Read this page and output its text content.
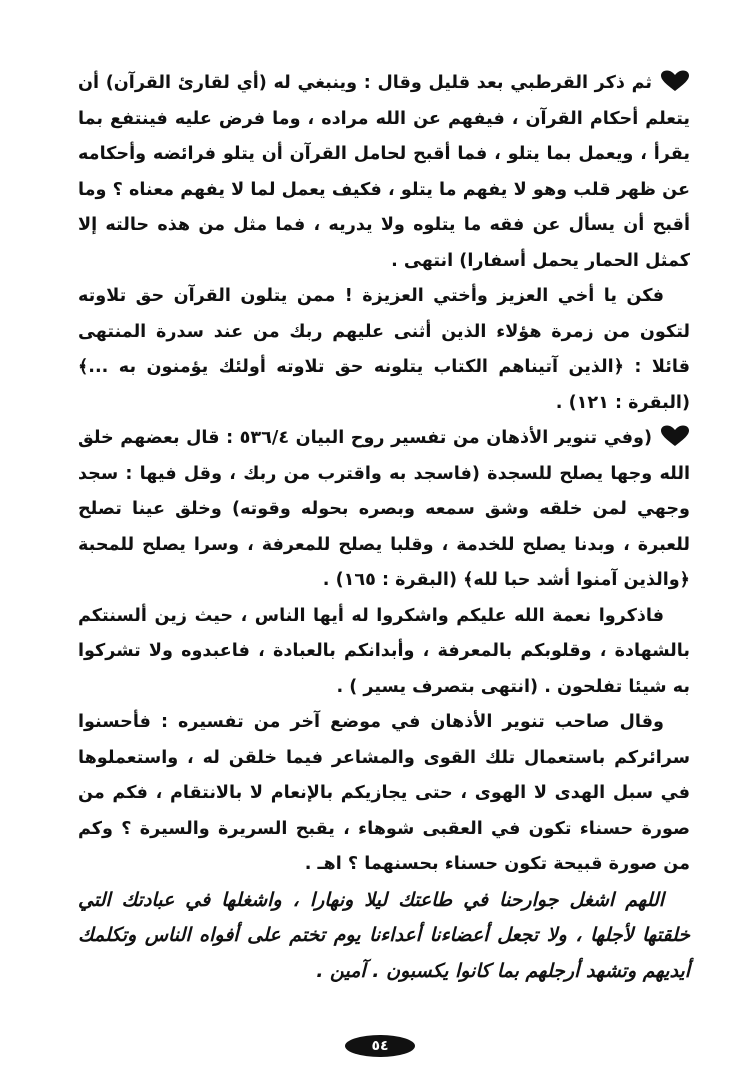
ثم ذكر القرطبي بعد قليل وقال : وينبغي له (أي لقارئ القرآن) أن يتعلم أحكام القرآن ، فيفهم عن الله مراده ، وما فرض عليه فينتفع بما يقرأ ، ويعمل بما يتلو ، فما أقبح لحامل القرآن أن يتلو فرائضه وأحكامه عن ظهر قلب وهو لا يفهم ما يتلو ، فكيف يعمل لما لا يفهم معناه ؟ وما أقبح أن يسأل عن فقه ما يتلوه ولا يدريه ، فما مثل من هذه حالته إلا كمثل الحمار يحمل أسفارا) انتهى .

فكن يا أخي العزيز وأختي العزيزة ! ممن يتلون القرآن حق تلاوته لتكون من زمرة هؤلاء الذين أثنى عليهم ربك من عند سدرة المنتهى قائلا : ﴿الذين آتيناهم الكتاب يتلونه حق تلاوته أولئك يؤمنون به ...﴾ (البقرة : ١٢١) .

(وفي تنوير الأذهان من تفسير روح البيان ٥٣٦/٤ : قال بعضهم خلق الله وجها يصلح للسجدة (فاسجد به واقترب من ربك ، وقل فيها : سجد وجهي لمن خلقه وشق سمعه وبصره بحوله وقوته) وخلق عينا تصلح للعبرة ، وبدنا يصلح للخدمة ، وقلبا يصلح للمعرفة ، وسرا يصلح للمحبة ﴿والذين آمنوا أشد حبا لله﴾ (البقرة : ١٦٥) .

فاذكروا نعمة الله عليكم واشكروا له أيها الناس ، حيث زين ألسنتكم بالشهادة ، وقلوبكم بالمعرفة ، وأبدانكم بالعبادة ، فاعبدوه ولا تشركوا به شيئا تفلحون . (انتهى بتصرف يسير ) .

وقال صاحب تنوير الأذهان في موضع آخر من تفسيره : فأحسنوا سرائركم باستعمال تلك القوى والمشاعر فيما خلقن له ، واستعملوها في سبل الهدى لا الهوى ، حتى يجازيكم بالإنعام لا بالانتقام ، فكم من صورة حسناء تكون في العقبى شوهاء ، يقبح السريرة والسيرة ؟ وكم من صورة قبيحة تكون حسناء بحسنهما ؟ اهـ .

اللهم اشغل جوارحنا في طاعتك ليلا ونهارا ، واشغلها في عبادتك التي خلقتها لأجلها ، ولا تجعل أعضاءنا أعداءنا يوم تختم على أفواه الناس وتكلمك أيديهم وتشهد أرجلهم بما كانوا يكسبون . آمين .

٥٤
